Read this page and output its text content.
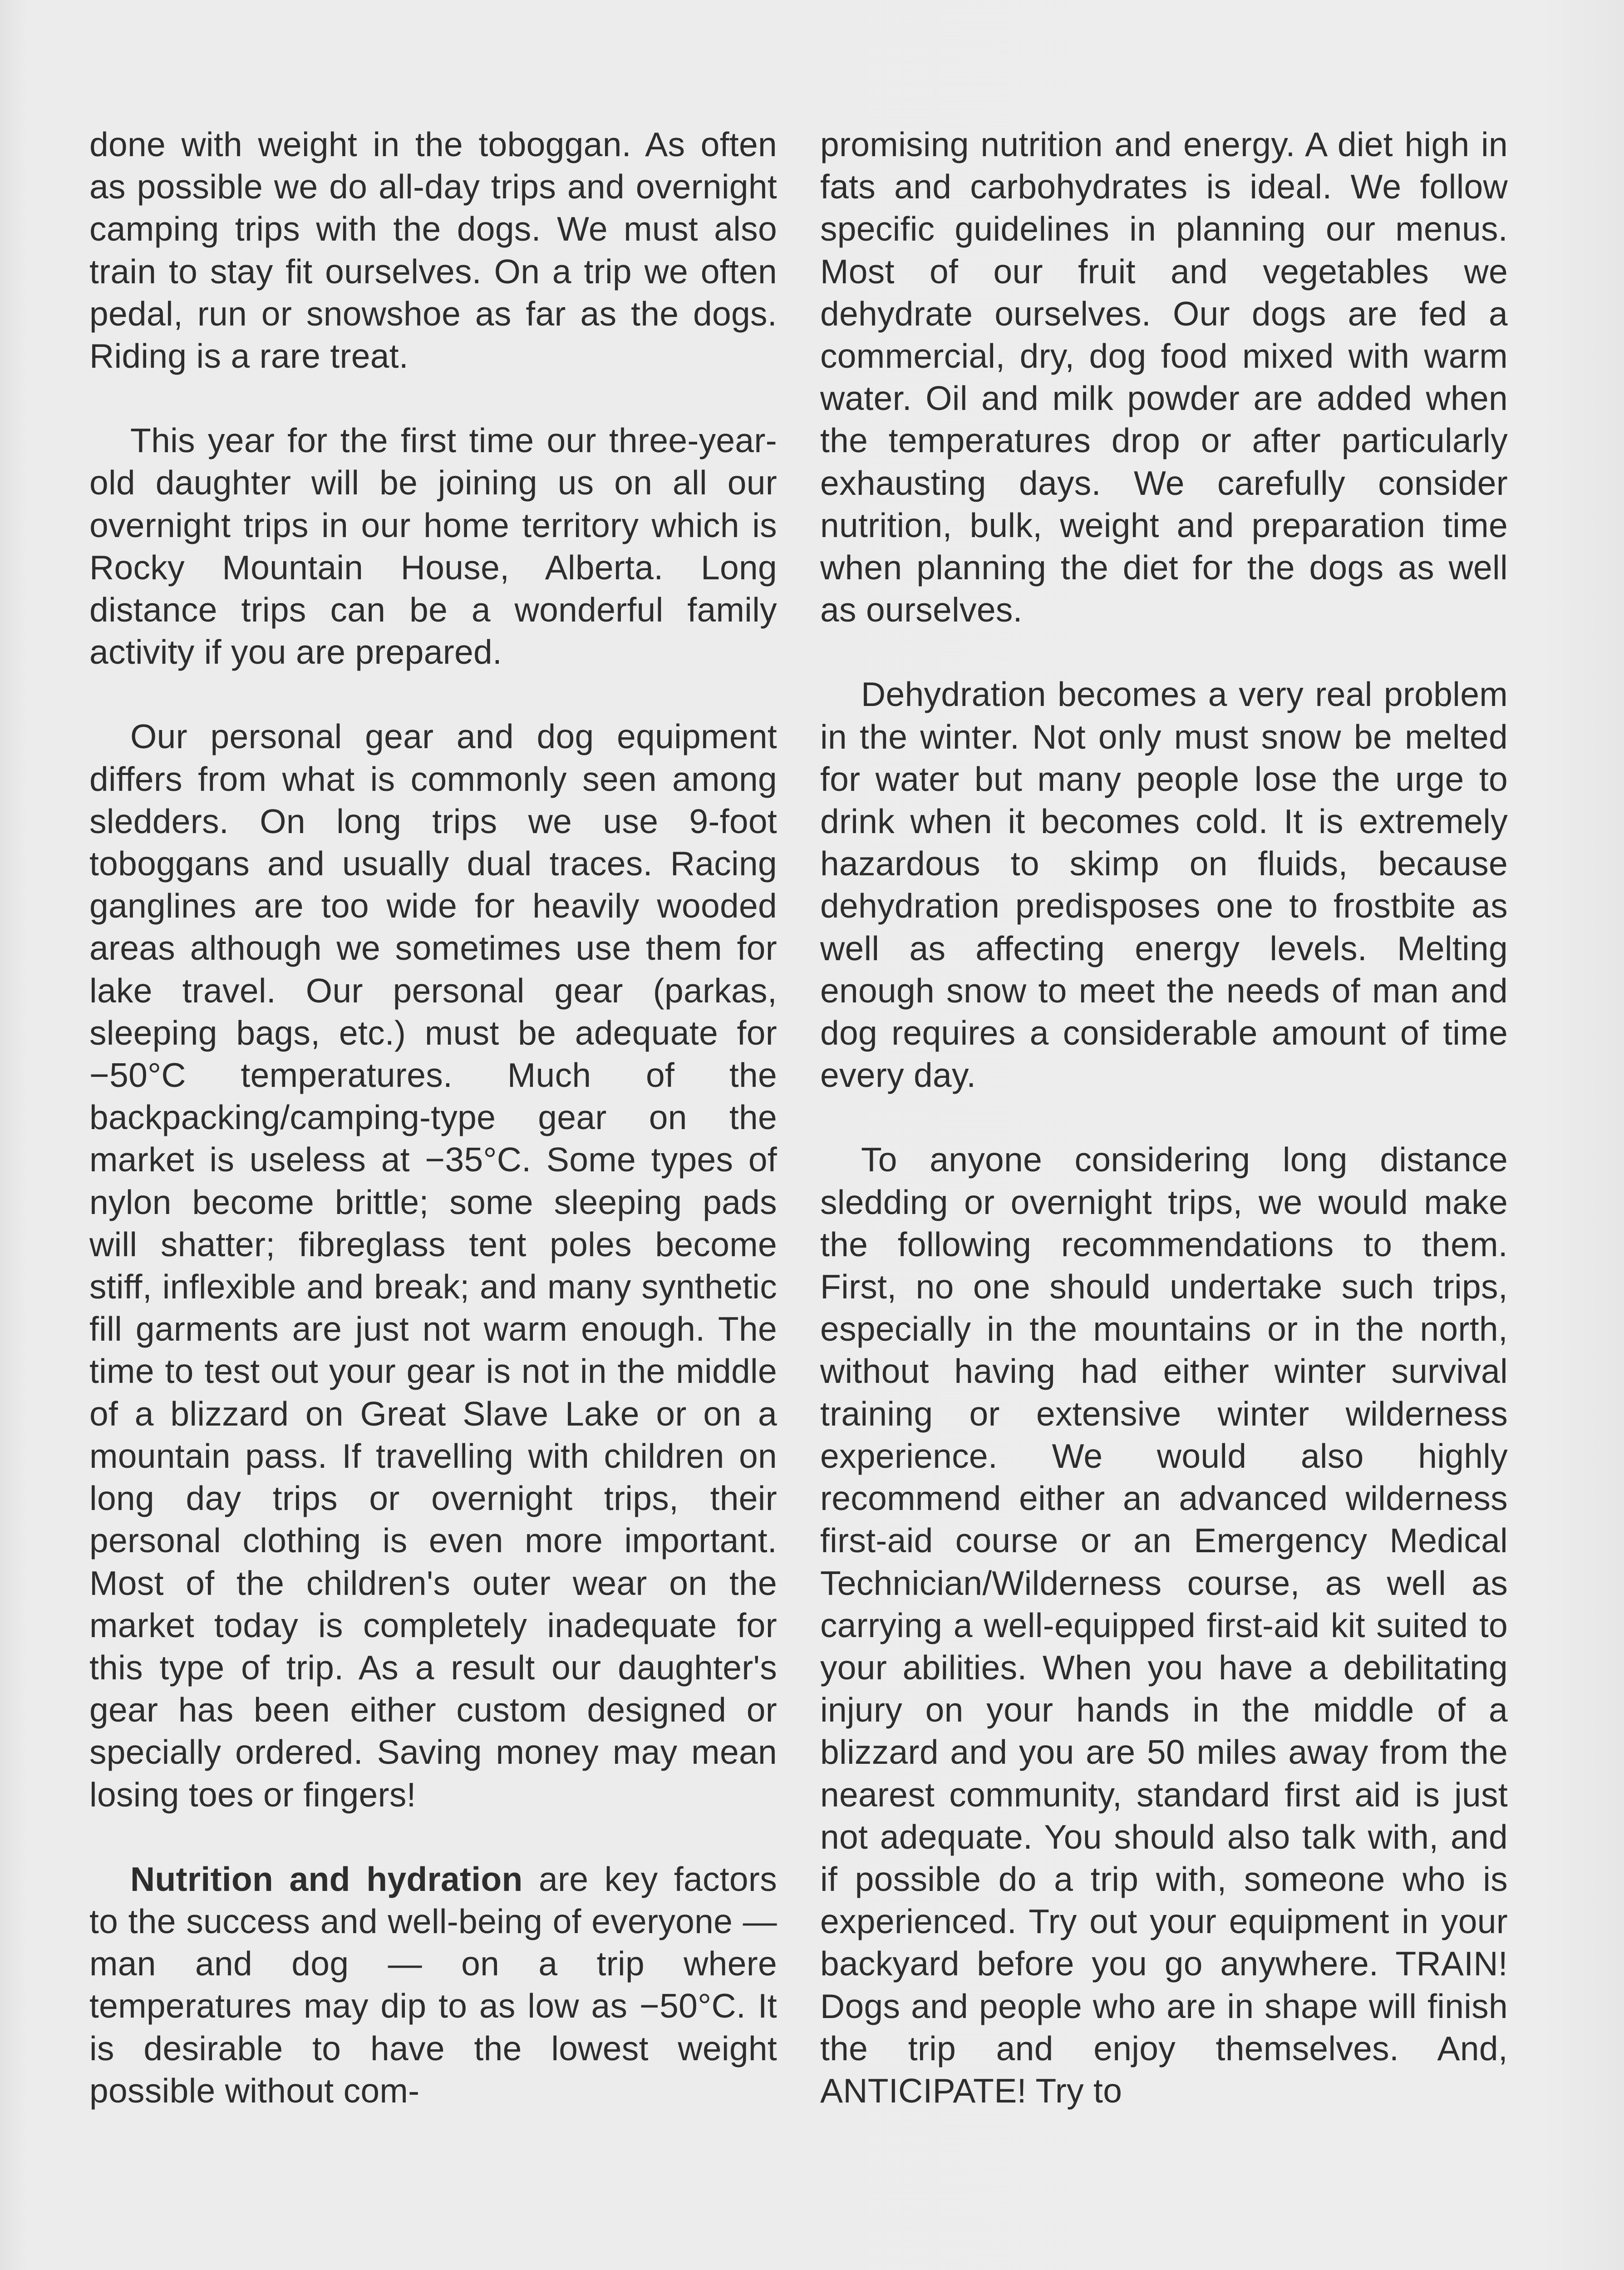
done with weight in the toboggan. As often as possible we do all-day trips and overnight camping trips with the dogs. We must also train to stay fit ourselves. On a trip we often pedal, run or snowshoe as far as the dogs. Riding is a rare treat.

This year for the first time our three-year-old daughter will be joining us on all our overnight trips in our home territory which is Rocky Mountain House, Alberta. Long distance trips can be a wonderful family activity if you are prepared.

Our personal gear and dog equipment differs from what is commonly seen among sledders. On long trips we use 9-foot toboggans and usually dual traces. Racing ganglines are too wide for heavily wooded areas although we sometimes use them for lake travel. Our personal gear (parkas, sleeping bags, etc.) must be adequate for −50°C temperatures. Much of the backpacking/camping-type gear on the market is useless at −35°C. Some types of nylon become brittle; some sleeping pads will shatter; fibreglass tent poles become stiff, inflexible and break; and many synthetic fill garments are just not warm enough. The time to test out your gear is not in the middle of a blizzard on Great Slave Lake or on a mountain pass. If travelling with children on long day trips or overnight trips, their personal clothing is even more important. Most of the children's outer wear on the market today is completely inadequate for this type of trip. As a result our daughter's gear has been either custom designed or specially ordered. Saving money may mean losing toes or fingers!

Nutrition and hydration are key factors to the success and well-being of everyone — man and dog — on a trip where temperatures may dip to as low as −50°C. It is desirable to have the lowest weight possible without com-

promising nutrition and energy. A diet high in fats and carbohydrates is ideal. We follow specific guidelines in planning our menus. Most of our fruit and vegetables we dehydrate ourselves. Our dogs are fed a commercial, dry, dog food mixed with warm water. Oil and milk powder are added when the temperatures drop or after particularly exhausting days. We carefully consider nutrition, bulk, weight and preparation time when planning the diet for the dogs as well as ourselves.

Dehydration becomes a very real problem in the winter. Not only must snow be melted for water but many people lose the urge to drink when it becomes cold. It is extremely hazardous to skimp on fluids, because dehydration predisposes one to frostbite as well as affecting energy levels. Melting enough snow to meet the needs of man and dog requires a considerable amount of time every day.

To anyone considering long distance sledding or overnight trips, we would make the following recommendations to them. First, no one should undertake such trips, especially in the mountains or in the north, without having had either winter survival training or extensive winter wilderness experience. We would also highly recommend either an advanced wilderness first-aid course or an Emergency Medical Technician/Wilderness course, as well as carrying a well-equipped first-aid kit suited to your abilities. When you have a debilitating injury on your hands in the middle of a blizzard and you are 50 miles away from the nearest community, standard first aid is just not adequate. You should also talk with, and if possible do a trip with, someone who is experienced. Try out your equipment in your backyard before you go anywhere. TRAIN! Dogs and people who are in shape will finish the trip and enjoy themselves. And, ANTICIPATE! Try to
